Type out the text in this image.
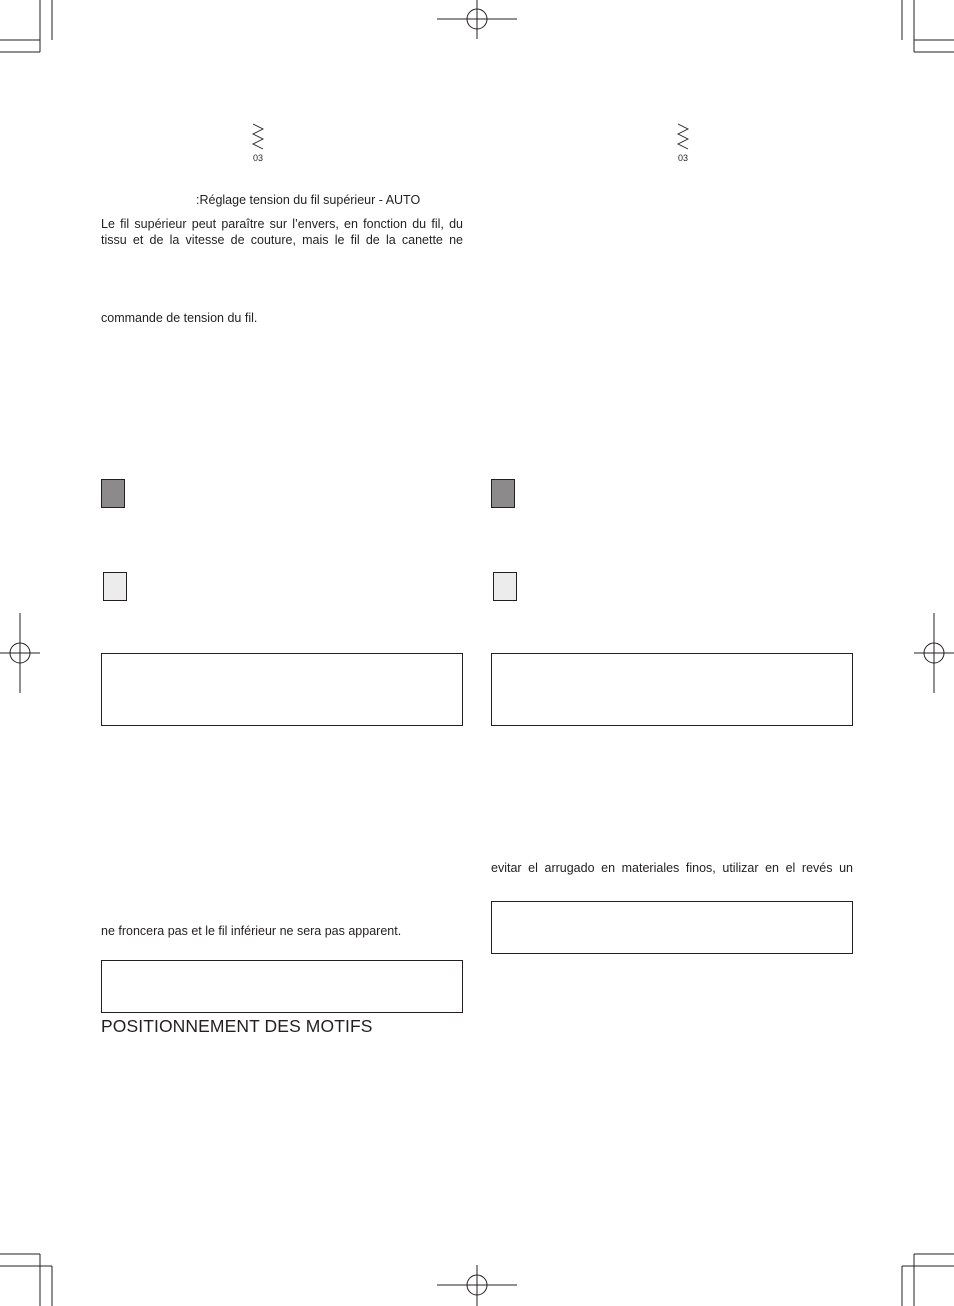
03	03
:Réglage tension du fil supérieur - AUTO
Le fil supérieur peut paraître sur l’envers, en fonction du fil, du
tissu et de la vitesse de couture, mais le fil de la canette ne
commande de tension du fil.
evitar el arrugado en materiales finos, utilizar en el revés un
ne froncera pas et le fil inférieur ne sera pas apparent.
POSITIONNEMENT DES MOTIFS
